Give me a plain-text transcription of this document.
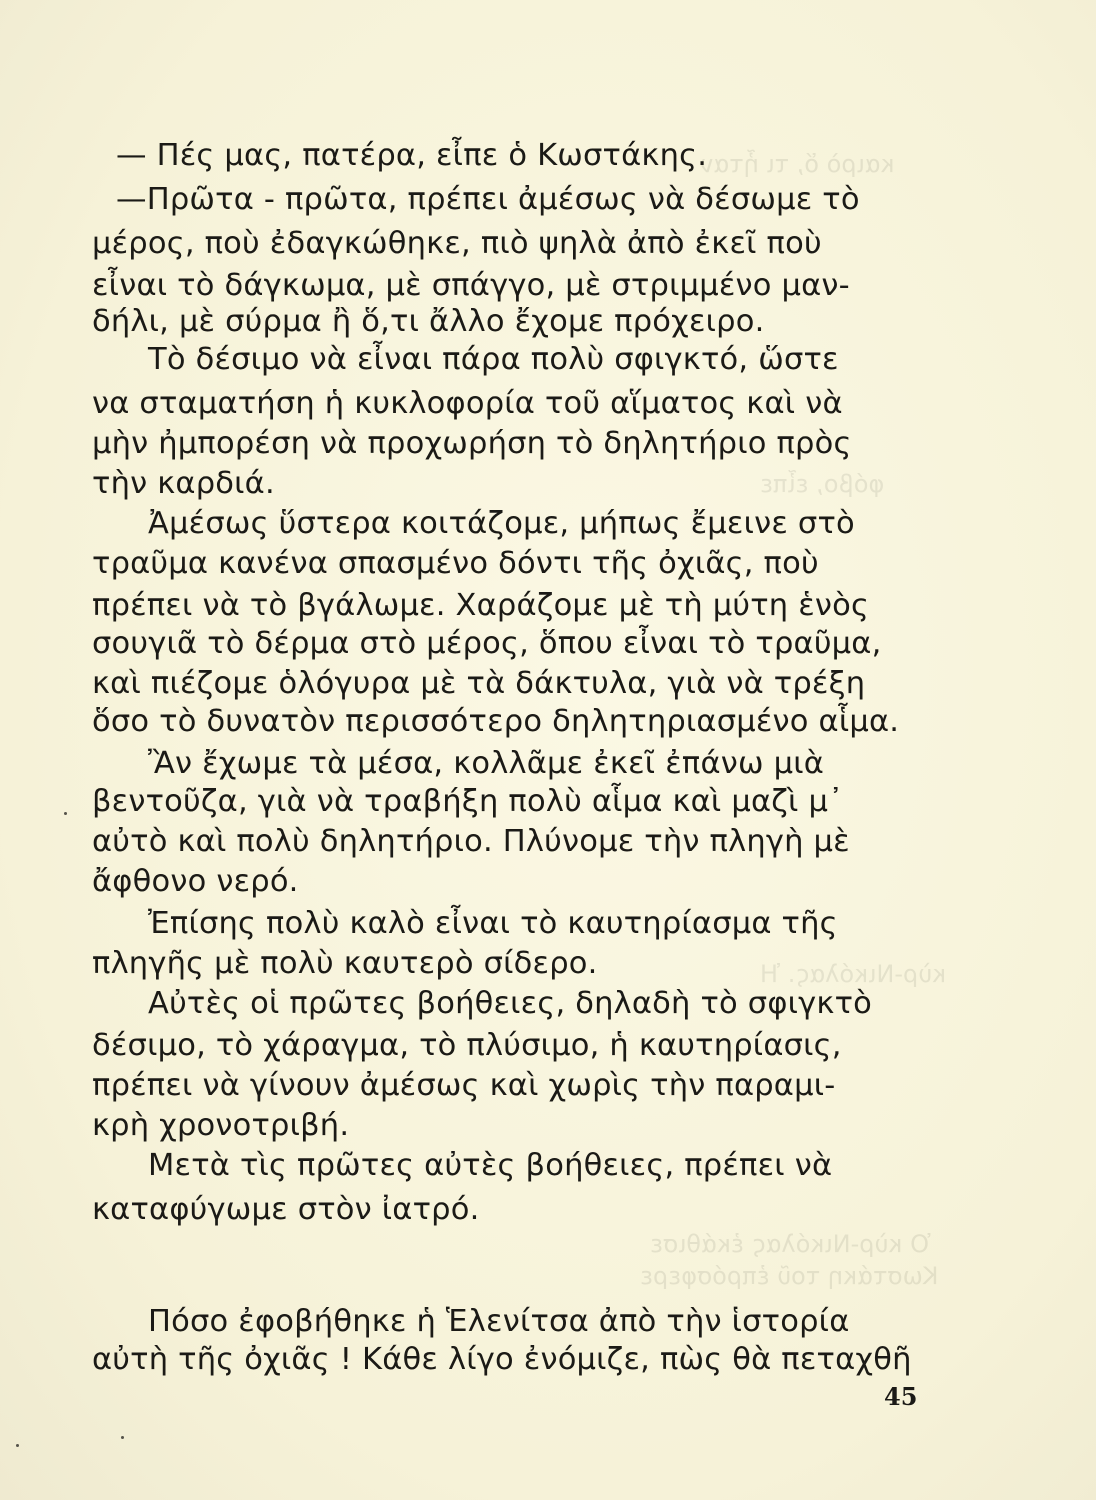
καιρὸ ὅ, τι ἦταν
φόβο, εἶπε
κὺρ-Νικόλας. Ἡ
Ὁ κὺρ-Νικόλας ἐκάθισε
Κωστάκη τοῦ ἐπρόσφερε
— Πές μας, πατέρα, εἶπε ὁ Κωστάκης.
—Πρῶτα - πρῶτα, πρέπει ἀμέσως νὰ δέσωμε τὸ
μέρος, ποὺ ἐδαγκώθηκε, πιὸ ψηλὰ ἀπὸ ἐκεῖ ποὺ
εἶναι τὸ δάγκωμα, μὲ σπάγγο, μὲ στριμμένο μαν-
δήλι, μὲ σύρμα ἢ ὅ,τι ἄλλο ἔχομε πρόχειρο.
Τὸ δέσιμο νὰ εἶναι πάρα πολὺ σφιγκτό, ὥστε
να σταματήση ἡ κυκλοφορία τοῦ αἵματος καὶ νὰ
μὴν ἠμπορέση νὰ προχωρήση τὸ δηλητήριο πρὸς
τὴν καρδιά.
Ἀμέσως ὕστερα κοιτάζομε, μήπως ἔμεινε στὸ
τραῦμα κανένα σπασμένο δόντι τῆς ὀχιᾶς, ποὺ
πρέπει νὰ τὸ βγάλωμε. Χαράζομε μὲ τὴ μύτη ἑνὸς
σουγιᾶ τὸ δέρμα στὸ μέρος, ὅπου εἶναι τὸ τραῦμα,
καὶ πιέζομε ὁλόγυρα μὲ τὰ δάκτυλα, γιὰ νὰ τρέξη
ὅσο τὸ δυνατὸν περισσότερο δηλητηριασμένο αἷμα.
Ἂν ἔχωμε τὰ μέσα, κολλᾶμε ἐκεῖ ἐπάνω μιὰ
βεντοῦζα, γιὰ νὰ τραβήξη πολὺ αἷμα καὶ μαζὶ μ᾽
αὐτὸ καὶ πολὺ δηλητήριο. Πλύνομε τὴν πληγὴ μὲ
ἄφθονο νερό.
Ἐπίσης πολὺ καλὸ εἶναι τὸ καυτηρίασμα τῆς
πληγῆς μὲ πολὺ καυτερὸ σίδερο.
Αὐτὲς οἱ πρῶτες βοήθειες, δηλαδὴ τὸ σφιγκτὸ
δέσιμο, τὸ χάραγμα, τὸ πλύσιμο, ἡ καυτηρίασις,
πρέπει νὰ γίνουν ἀμέσως καὶ χωρὶς τὴν παραμι-
κρὴ χρονοτριβή.
Μετὰ τὶς πρῶτες αὐτὲς βοήθειες, πρέπει νὰ
καταφύγωμε στὸν ἰατρό.
Πόσο ἐφοβήθηκε ἡ Ἑλενίτσα ἀπὸ τὴν ἱστορία
αὐτὴ τῆς ὀχιᾶς ! Κάθε λίγο ἐνόμιζε, πὼς θὰ πεταχθῆ
45
